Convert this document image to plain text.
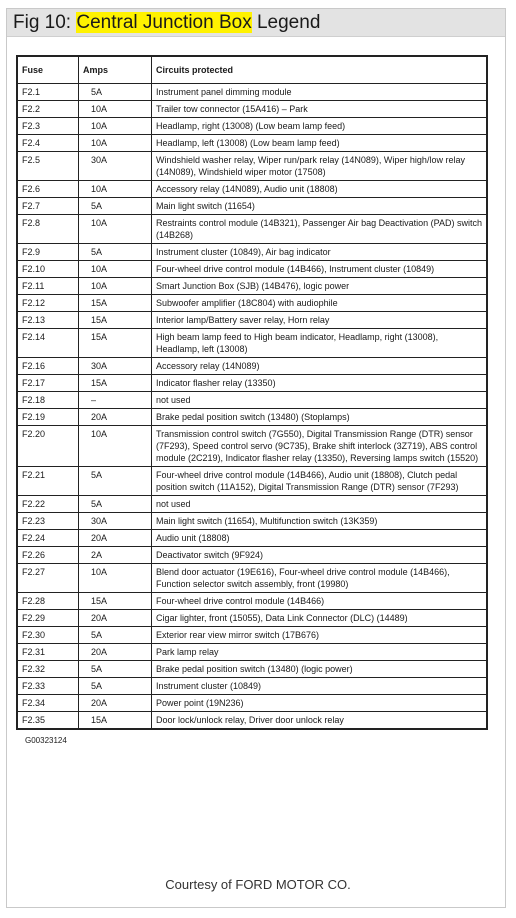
Fig 10: Central Junction Box Legend
Fuse	Amps	Circuits protected
F2.1	5A	Instrument panel dimming module
F2.2	10A	Trailer tow connector (15A416) – Park
F2.3	10A	Headlamp, right (13008) (Low beam lamp feed)
F2.4	10A	Headlamp, left (13008) (Low beam lamp feed)
F2.5	30A	Windshield washer relay, Wiper run/park relay (14N089), Wiper high/low relay (14N089), Windshield wiper motor (17508)
F2.6	10A	Accessory relay (14N089), Audio unit (18808)
F2.7	5A	Main light switch (11654)
F2.8	10A	Restraints control module (14B321), Passenger Air bag Deactivation (PAD) switch (14B268)
F2.9	5A	Instrument cluster (10849), Air bag indicator
F2.10	10A	Four-wheel drive control module (14B466), Instrument cluster (10849)
F2.11	10A	Smart Junction Box (SJB) (14B476), logic power
F2.12	15A	Subwoofer amplifier (18C804) with audiophile
F2.13	15A	Interior lamp/Battery saver relay, Horn relay
F2.14	15A	High beam lamp feed to High beam indicator, Headlamp, right (13008), Headlamp, left (13008)
F2.16	30A	Accessory relay (14N089)
F2.17	15A	Indicator flasher relay (13350)
F2.18	–	not used
F2.19	20A	Brake pedal position switch (13480) (Stoplamps)
F2.20	10A	Transmission control switch (7G550), Digital Transmission Range (DTR) sensor (7F293), Speed control servo (9C735), Brake shift interlock (3Z719), ABS control module (2C219), Indicator flasher relay (13350), Reversing lamps switch (15520)
F2.21	5A	Four-wheel drive control module (14B466), Audio unit (18808), Clutch pedal position switch (11A152), Digital Transmission Range (DTR) sensor (7F293)
F2.22	5A	not used
F2.23	30A	Main light switch (11654), Multifunction switch (13K359)
F2.24	20A	Audio unit (18808)
F2.26	2A	Deactivator switch (9F924)
F2.27	10A	Blend door actuator (19E616), Four-wheel drive control module (14B466), Function selector switch assembly, front (19980)
F2.28	15A	Four-wheel drive control module (14B466)
F2.29	20A	Cigar lighter, front (15055), Data Link Connector (DLC) (14489)
F2.30	5A	Exterior rear view mirror switch (17B676)
F2.31	20A	Park lamp relay
F2.32	5A	Brake pedal position switch (13480) (logic power)
F2.33	5A	Instrument cluster (10849)
F2.34	20A	Power point (19N236)
F2.35	15A	Door lock/unlock relay, Driver door unlock relay
G00323124
Courtesy of FORD MOTOR CO.
